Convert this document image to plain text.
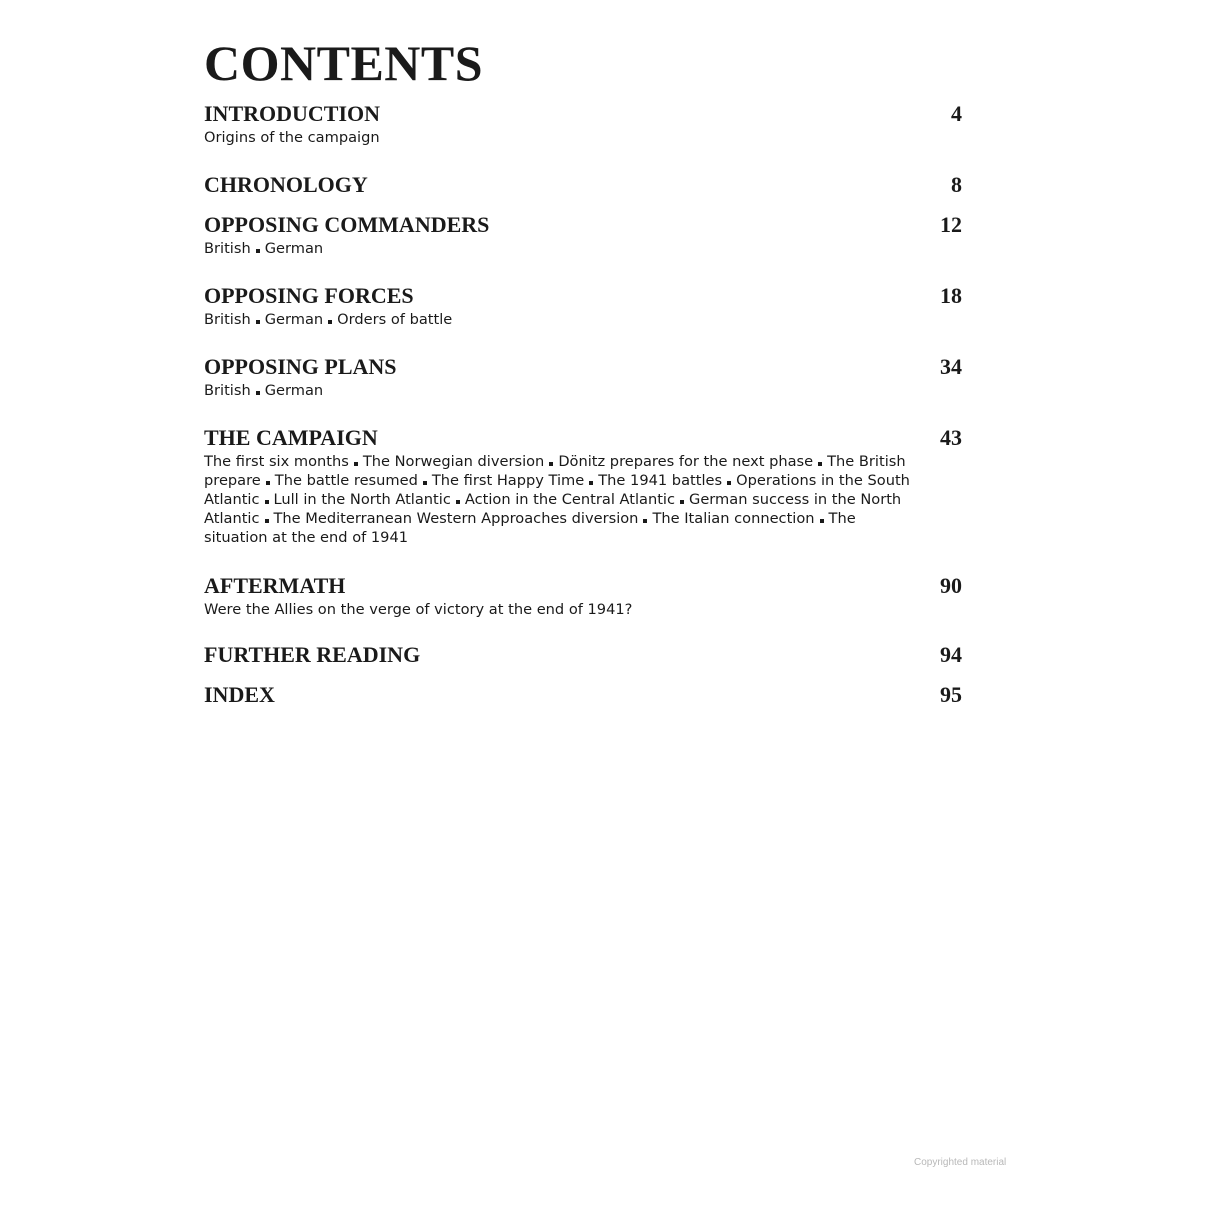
CONTENTS
INTRODUCTION	4
Origins of the campaign
CHRONOLOGY	8
OPPOSING COMMANDERS	12
British German
OPPOSING FORCES	18
British German Orders of battle
OPPOSING PLANS	34
British German
THE CAMPAIGN	43
The first six months The Norwegian diversion Dönitz prepares for the next phase The British prepare The battle resumed The first Happy Time The 1941 battles Operations in the South Atlantic Lull in the North Atlantic Action in the Central Atlantic German success in the North Atlantic The Mediterranean Western Approaches diversion The Italian connection The situation at the end of 1941
AFTERMATH	90
Were the Allies on the verge of victory at the end of 1941?
FURTHER READING	94
INDEX	95
Copyrighted material
